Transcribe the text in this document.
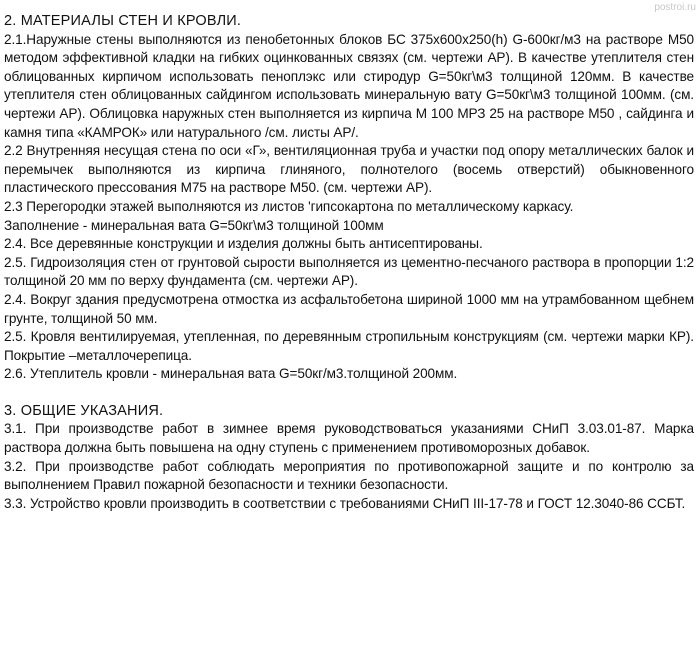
postroi.ru
2. МАТЕРИАЛЫ СТЕН И КРОВЛИ.

2.1.Наружные стены выполняются из пенобетонных блоков БС 375х600х250(h) G-600кг/м3 на растворе М50 методом эффективной кладки на гибких оцинкованных связях (см. чертежи АР). В качестве утеплителя стен облицованных кирпичом использовать пеноплэкс или стиродур G=50кг\м3 толщиной 120мм. В качестве утеплителя стен облицованных сайдингом использовать минеральную вату G=50кг\м3 толщиной 100мм. (см. чертежи АР). Облицовка наружных стен выполняется из кирпича М 100 МРЗ 25 на растворе М50 , сайдинга и камня типа «КАМРОК» или натурального /см. листы АР/.

2.2 Внутренняя несущая стена по оси «Г», вентиляционная труба и участки под опору металлических балок и перемычек выполняются из кирпича глиняного, полнотелого (восемь отверстий) обыкновенного пластического прессования М75 на растворе М50. (см. чертежи АР).

2.3 Перегородки этажей выполняются из листов 'гипсокартона по металлическому каркасу.

Заполнение - минеральная вата G=50кг\м3 толщиной 100мм

2.4. Все деревянные конструкции и изделия должны быть антисептированы.

2.5. Гидроизоляция стен от грунтовой сырости выполняется из цементно-песчаного раствора в пропорции 1:2 толщиной 20 мм по верху фундамента (см. чертежи АР).

2.4. Вокруг здания предусмотрена отмостка из асфальтобетона шириной 1000 мм на утрамбованном щебнем грунте, толщиной 50 мм.

2.5. Кровля вентилируемая, утепленная, по деревянным стропильным конструкциям (см. чертежи марки КР). Покрытие –металлочерепица.

2.6. Утеплитель кровли - минеральная вата G=50кг/м3.толщиной 200мм.

3. ОБЩИЕ УКАЗАНИЯ.

3.1. При производстве работ в зимнее время руководствоваться указаниями СНиП 3.03.01-87. Марка раствора должна быть повышена на одну ступень с применением противоморозных добавок.

3.2. При производстве работ соблюдать мероприятия по противопожарной защите и по контролю за выполнением Правил пожарной безопасности и техники безопасности.

3.3. Устройство кровли производить в соответствии с требованиями СНиП III-17-78 и ГОСТ 12.3040-86 ССБТ.
